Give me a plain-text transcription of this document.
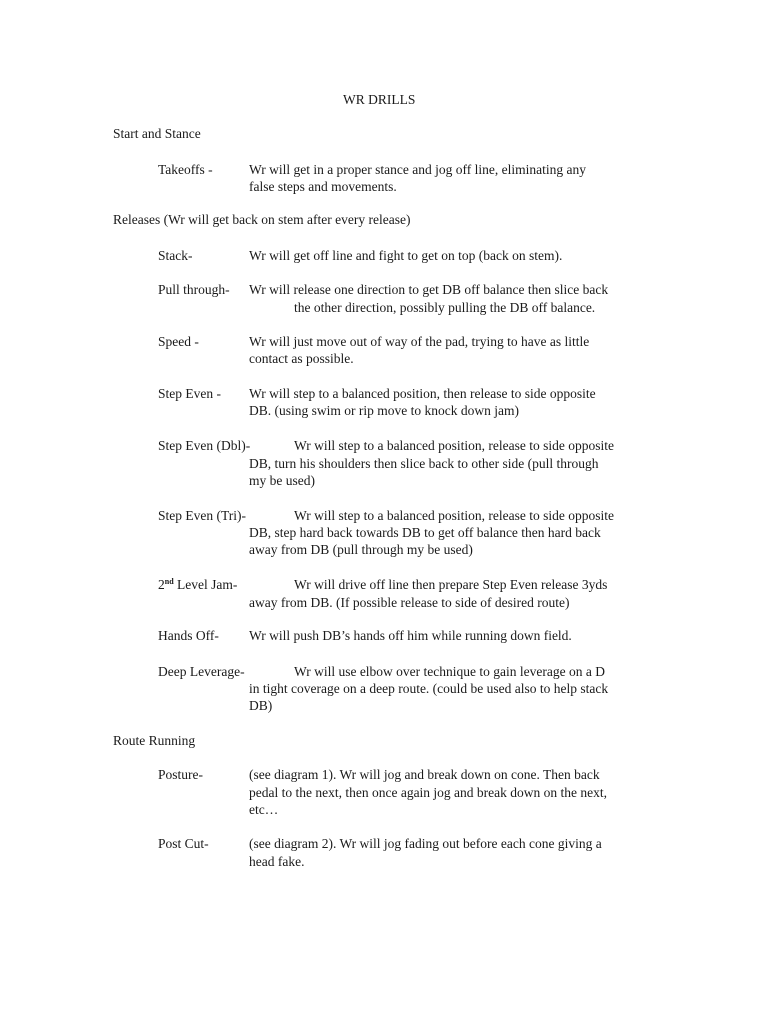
WR DRILLS
Start and Stance
Takeoffs -	Wr will get in a proper stance and jog off line, eliminating any
false steps and movements.
Releases (Wr will get back on stem after every release)
Stack-	Wr will get off line and fight to get on top (back on stem).
Pull through- Wr will release one direction to get DB off balance then slice back
the other direction, possibly pulling the DB off balance.
Speed -	Wr will just move out of way of the pad, trying to have as little
contact as possible.
Step Even - Wr will step to a balanced position, then release to side opposite
DB. (using swim or rip move to knock down jam)
Step Even (Dbl)-	Wr will step to a balanced position, release to side opposite
DB, turn his shoulders then slice back to other side (pull through
my be used)
Step Even (Tri)-	Wr will step to a balanced position, release to side opposite
DB, step hard back towards DB to get off balance then hard back
away from DB (pull through my be used)
2nd Level Jam-	Wr will drive off line then prepare Step Even release 3yds
away from DB. (If possible release to side of desired route)
Hands Off- Wr will push DB’s hands off him while running down field.
Deep Leverage-	Wr will use elbow over technique to gain leverage on a D
in tight coverage on a deep route. (could be used also to help stack
DB)
Route Running
Posture-	(see diagram 1). Wr will jog and break down on cone. Then back
pedal to the next, then once again jog and break down on the next,
etc…
Post Cut-	(see diagram 2). Wr will jog fading out before each cone giving a
head fake.
